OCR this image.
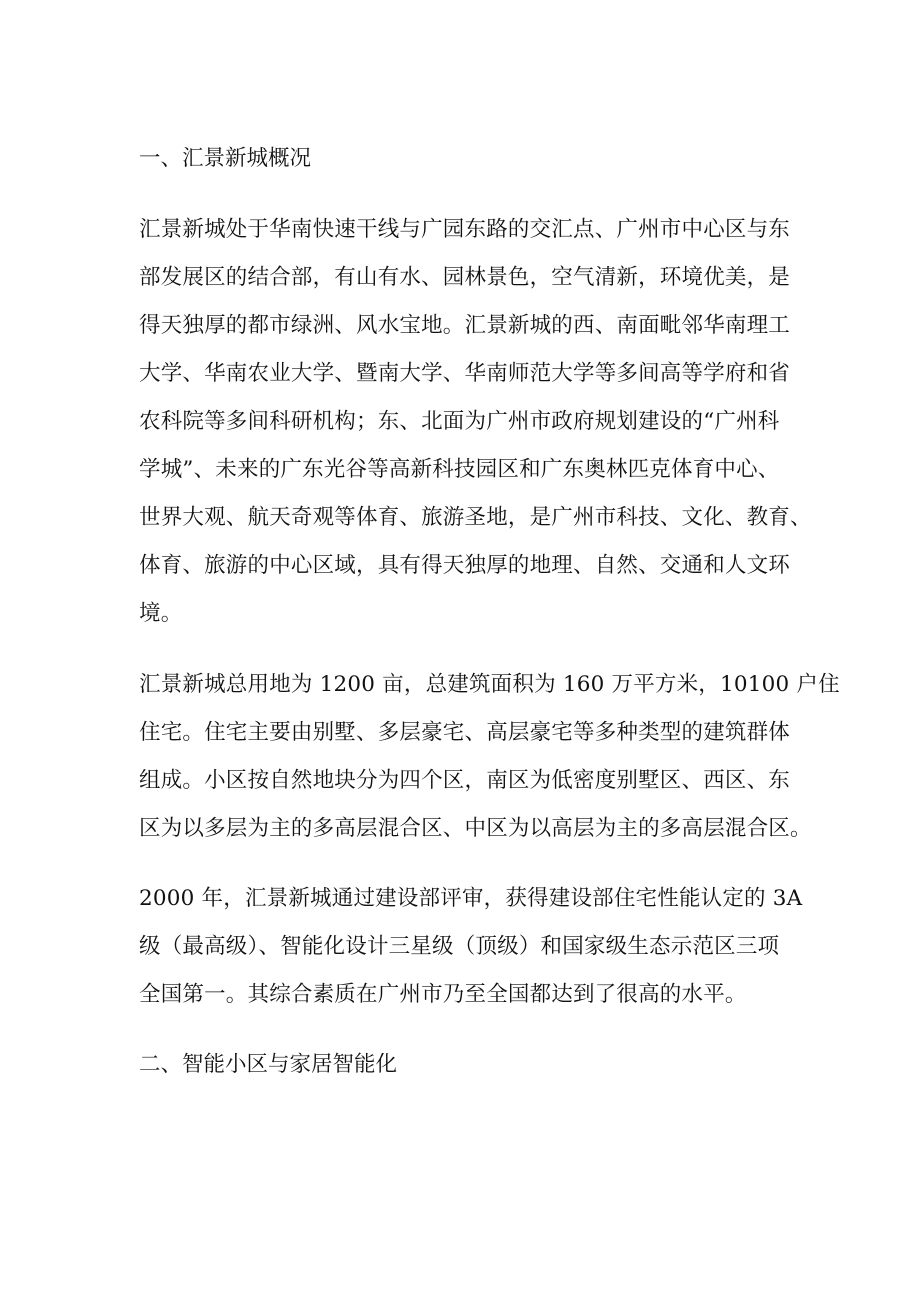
一、汇景新城概况
汇景新城处于华南快速干线与广园东路的交汇点、广州市中心区与东
部发展区的结合部，有山有水、园林景色，空气清新，环境优美，是
得天独厚的都市绿洲、风水宝地。汇景新城的西、南面毗邻华南理工
大学、华南农业大学、暨南大学、华南师范大学等多间高等学府和省
农科院等多间科研机构；东、北面为广州市政府规划建设的“广州科
学城”、未来的广东光谷等高新科技园区和广东奥林匹克体育中心、
世界大观、航天奇观等体育、旅游圣地，是广州市科技、文化、教育、
体育、旅游的中心区域，具有得天独厚的地理、自然、交通和人文环
境。
汇景新城总用地为 1200 亩，总建筑面积为 160 万平方米，10100 户住
住宅。住宅主要由别墅、多层豪宅、高层豪宅等多种类型的建筑群体
组成。小区按自然地块分为四个区，南区为低密度别墅区、西区、东
区为以多层为主的多高层混合区、中区为以高层为主的多高层混合区。
2000 年，汇景新城通过建设部评审，获得建设部住宅性能认定的 3A
级（最高级）、智能化设计三星级（顶级）和国家级生态示范区三项
全国第一。其综合素质在广州市乃至全国都达到了很高的水平。
二、智能小区与家居智能化
